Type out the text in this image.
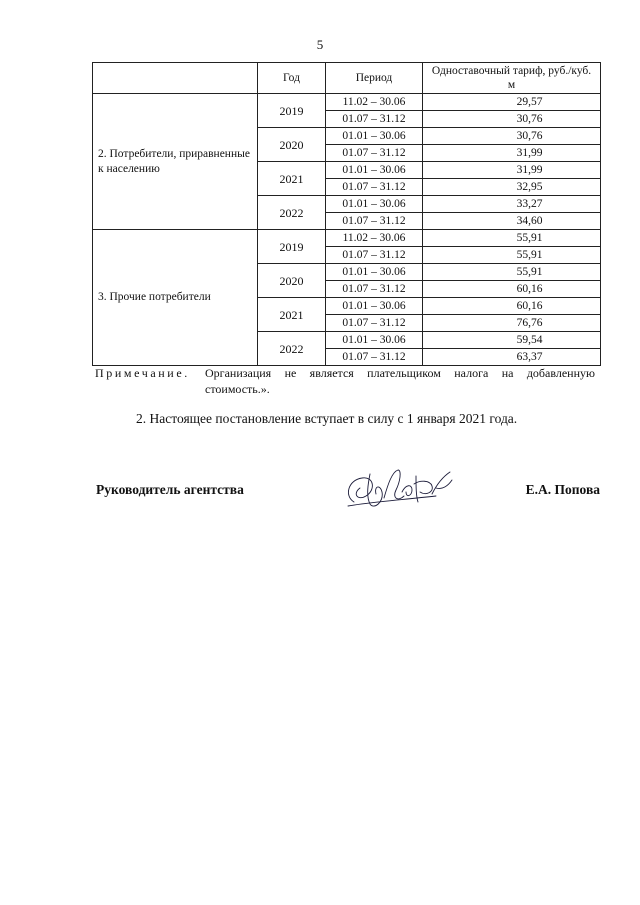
5
	Год	Период	Одноставочный тариф, руб./куб. м
2. Потребители, приравненные к населению	2019	11.02 – 30.06	29,57
		01.07 – 31.12	30,76
	2020	01.01 – 30.06	30,76
		01.07 – 31.12	31,99
	2021	01.01 – 30.06	31,99
		01.07 – 31.12	32,95
	2022	01.01 – 30.06	33,27
		01.07 – 31.12	34,60
3. Прочие потребители	2019	11.02 – 30.06	55,91
		01.07 – 31.12	55,91
	2020	01.01 – 30.06	55,91
		01.07 – 31.12	60,16
	2021	01.01 – 30.06	60,16
		01.07 – 31.12	76,76
	2022	01.01 – 30.06	59,54
		01.07 – 31.12	63,37
Примечание. Организация не является плательщиком налога на добавленную стоимость.».
2. Настоящее постановление вступает в силу с 1 января 2021 года.
Руководитель агентства	Е.А. Попова
